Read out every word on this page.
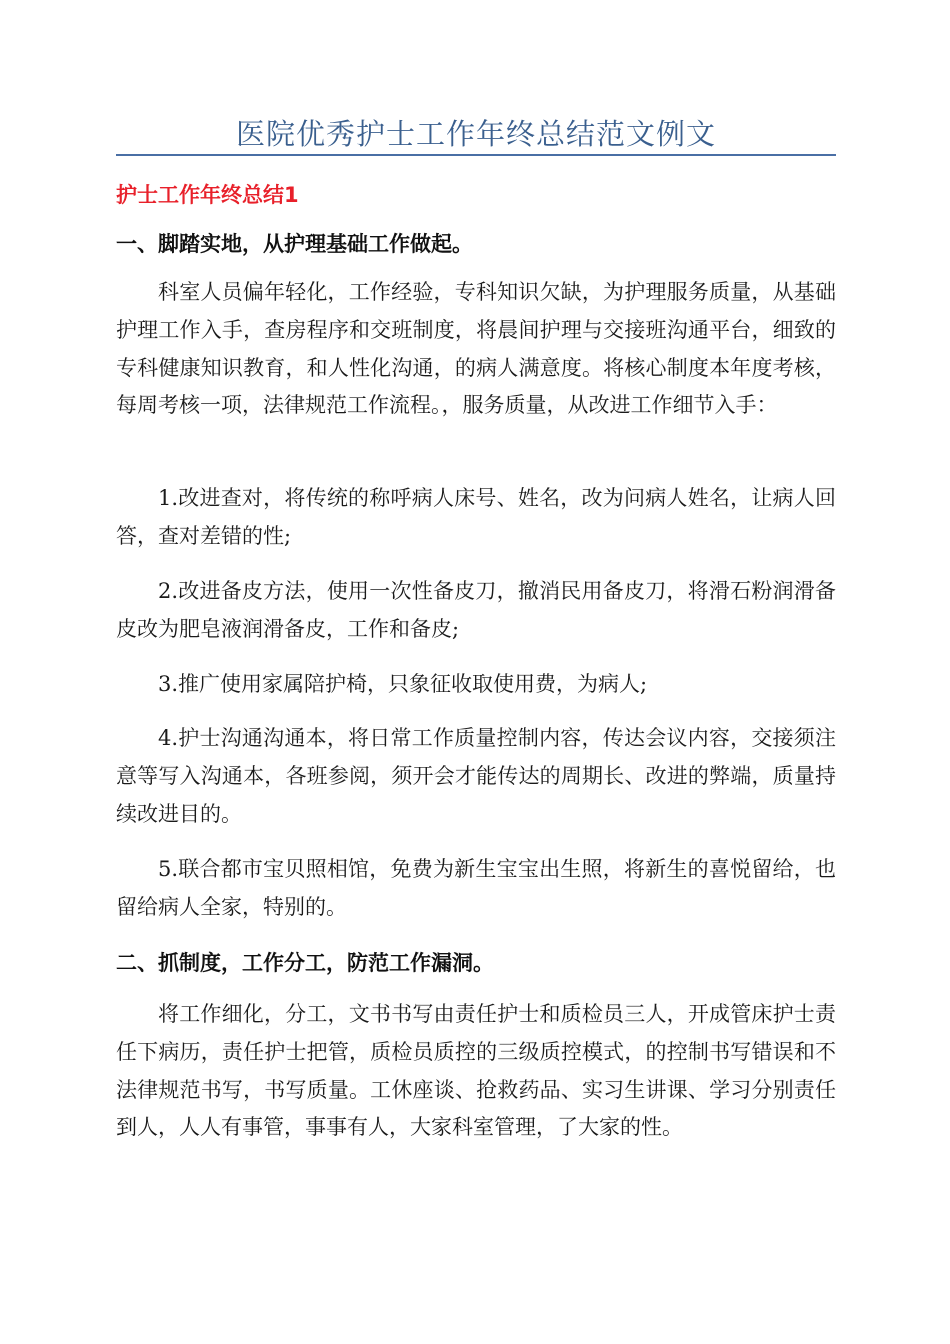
医院优秀护士工作年终总结范文例文
护士工作年终总结1
一、脚踏实地，从护理基础工作做起。

科室人员偏年轻化，工作经验，专科知识欠缺，为护理服务质量，从基础护理工作入手，查房程序和交班制度，将晨间护理与交接班沟通平台，细致的专科健康知识教育，和人性化沟通，的病人满意度。将核心制度本年度考核，每周考核一项，法律规范工作流程。，服务质量，从改进工作细节入手：

1.改进查对，将传统的称呼病人床号、姓名，改为问病人姓名，让病人回答，查对差错的性;

2.改进备皮方法，使用一次性备皮刀，撤消民用备皮刀，将滑石粉润滑备皮改为肥皂液润滑备皮，工作和备皮;

3.推广使用家属陪护椅，只象征收取使用费，为病人;

4.护士沟通沟通本，将日常工作质量控制内容，传达会议内容，交接须注意等写入沟通本，各班参阅，须开会才能传达的周期长、改进的弊端，质量持续改进目的。

5.联合都市宝贝照相馆，免费为新生宝宝出生照，将新生的喜悦留给，也留给病人全家，特别的。

二、抓制度，工作分工，防范工作漏洞。

将工作细化，分工，文书书写由责任护士和质检员三人，开成管床护士责任下病历，责任护士把管，质检员质控的三级质控模式，的控制书写错误和不法律规范书写，书写质量。工休座谈、抢救药品、实习生讲课、学习分别责任到人，人人有事管，事事有人，大家科室管理，了大家的性。
